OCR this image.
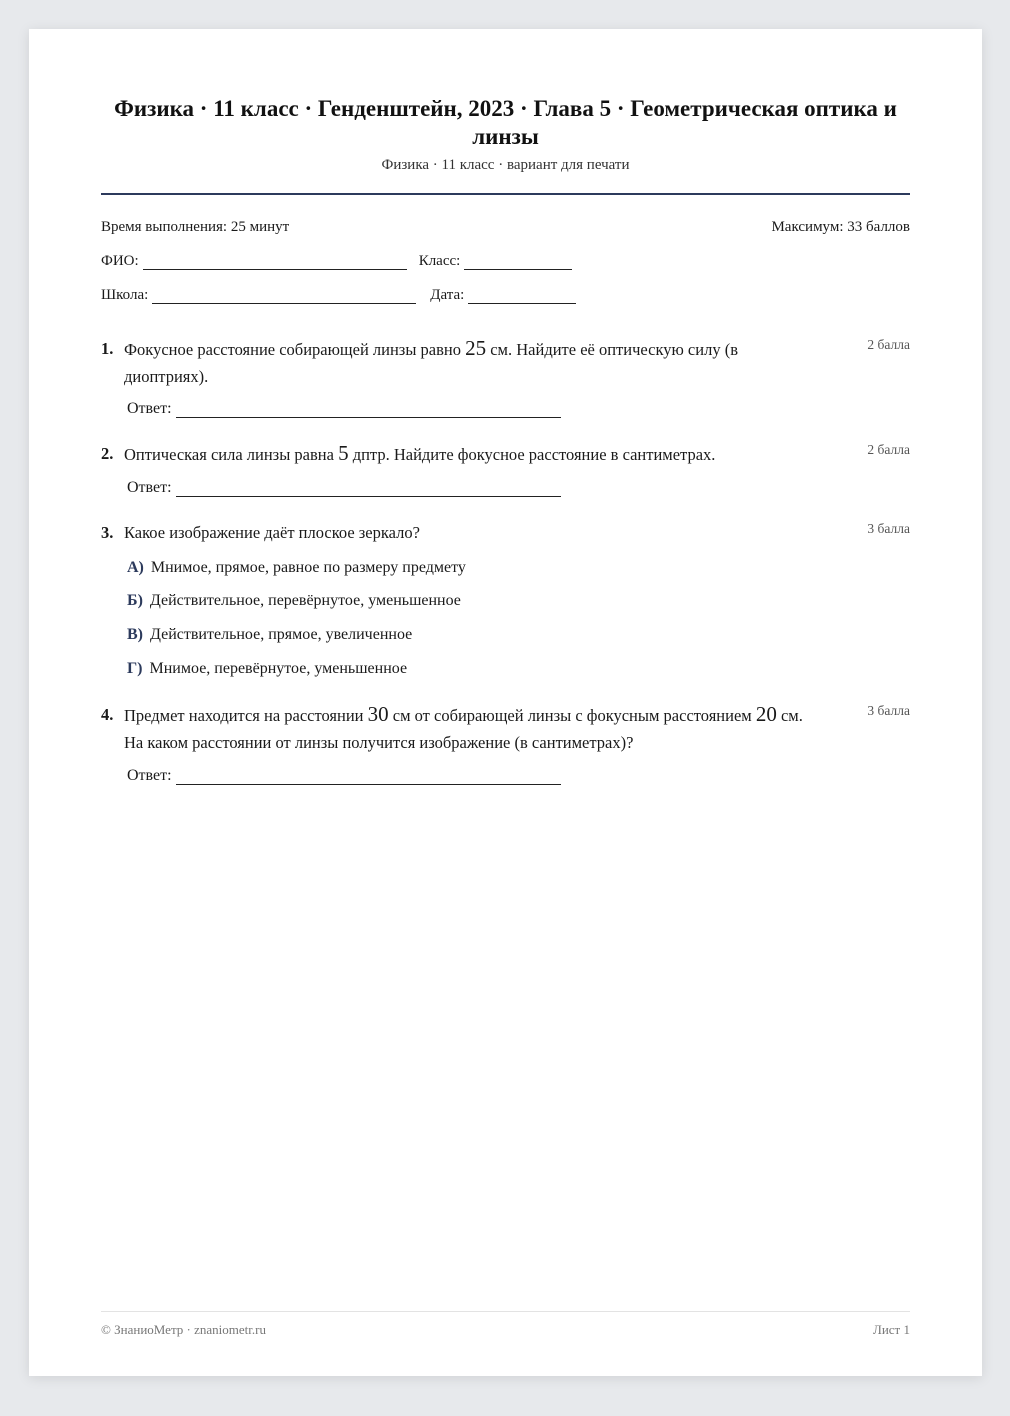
Физика · 11 класс · Генденштейн, 2023 · Глава 5 · Геометрическая оптика и линзы
Физика · 11 класс · вариант для печати
Время выполнения: 25 минут	Максимум: 33 баллов
ФИО:	Класс:
Школа:	Дата:
1. Фокусное расстояние собирающей линзы равно 25 см. Найдите её оптическую силу (в диоптриях).
2 балла
Ответ:
2. Оптическая сила линзы равна 5 дптр. Найдите фокусное расстояние в сантиметрах.	2 балла
Ответ:
3. Какое изображение даёт плоское зеркало?	3 балла
А) Мнимое, прямое, равное по размеру предмету
Б) Действительное, перевёрнутое, уменьшенное
В) Действительное, прямое, увеличенное
Г) Мнимое, перевёрнутое, уменьшенное
4. Предмет находится на расстоянии 30 см от собирающей линзы с фокусным расстоянием 20 см. На каком расстоянии от линзы получится изображение (в сантиметрах)?
3 балла
Ответ:
© ЗнаниоМетр · znaniometr.ru	Лист 1
